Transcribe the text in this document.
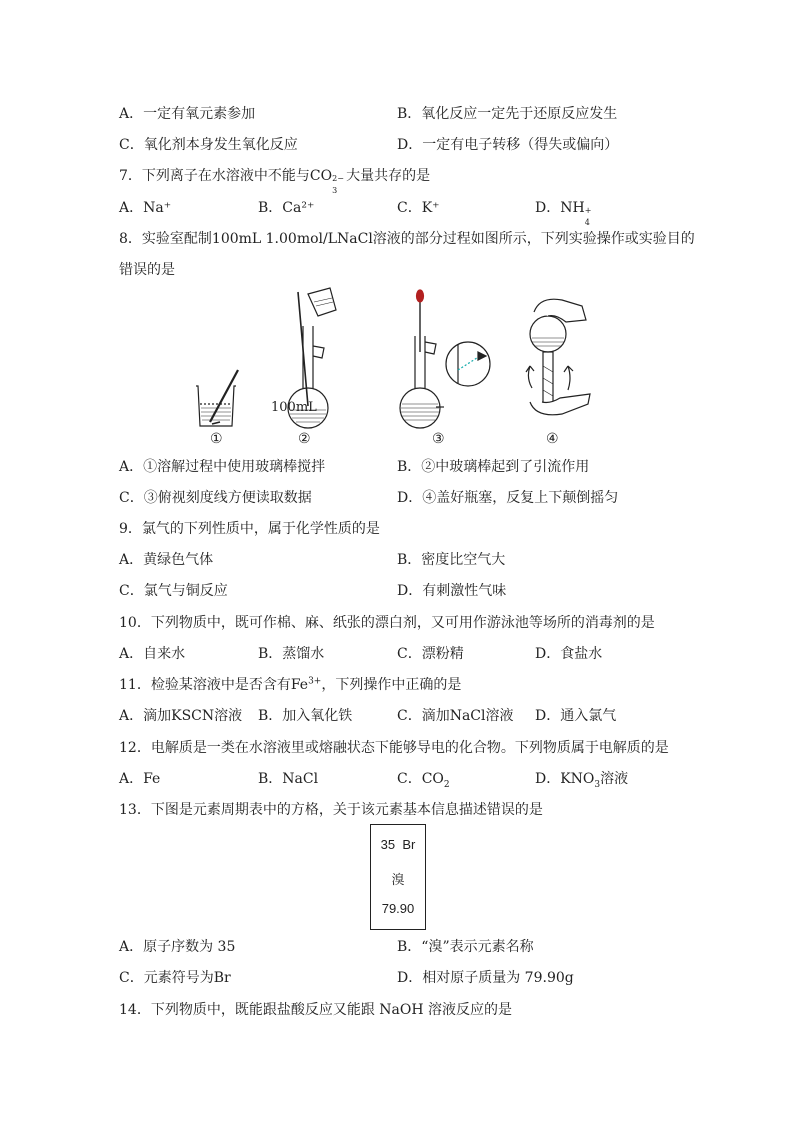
A．一定有氧元素参加	B．氧化反应一定先于还原反应发生
C．氧化剂本身发生氧化反应	D．一定有电子转移（得失或偏向）
7．下列离子在水溶液中不能与CO 2−
3
大量共存的是
A．Na⁺	B．Ca²⁺	C．K⁺	D．NH +
4
8．实验室配制100mL 1.00mol/LNaCl溶液的部分过程如图所示，下列实验操作或实验目的
错误的是
100mL
①	②	③	④
A．①溶解过程中使用玻璃棒搅拌	B．②中玻璃棒起到了引流作用
C．③俯视刻度线方便读取数据	D．④盖好瓶塞，反复上下颠倒摇匀
9．氯气的下列性质中，属于化学性质的是
A．黄绿色气体	B．密度比空气大
C．氯气与铜反应	D．有刺激性气味
10．下列物质中，既可作棉、麻、纸张的漂白剂，又可用作游泳池等场所的消毒剂的是
A．自来水	B．蒸馏水	C．漂粉精	D．食盐水
11．检验某溶液中是否含有$Fe^{3+}$，下列操作中正确的是
A．滴加KSCN溶液 B．加入氧化铁	C．滴加NaCl溶液 D．通入氯气
12．电解质是一类在水溶液里或熔融状态下能够导电的化合物。下列物质属于电解质的是
A．Fe	B．NaCl	C．$CO_2$	D．$KNO_3$溶液
13．下图是元素周期表中的方格，关于该元素基本信息描述错误的是
35 Br
溴
79.90
A．原子序数为 35	B．“溴”表示元素名称
C．元素符号为Br	D．相对原子质量为 79.90g
14．下列物质中，既能跟盐酸反应又能跟 NaOH 溶液反应的是
